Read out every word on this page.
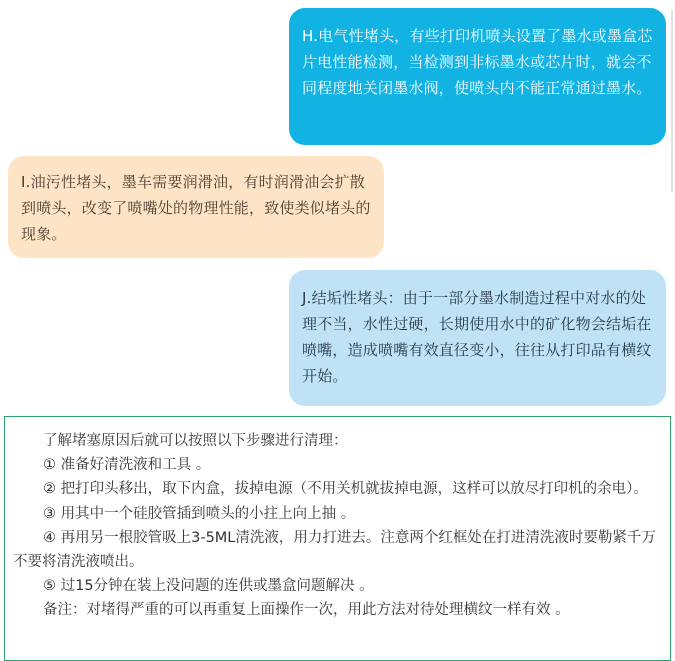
H.电气性堵头，有些打印机喷头设置了墨水或墨盒芯片电性能检测，当检测到非标墨水或芯片时，就会不同程度地关闭墨水阀，使喷头内不能正常通过墨水。
I.油污性堵头，墨车需要润滑油，有时润滑油会扩散到喷头，改变了喷嘴处的物理性能，致使类似堵头的现象。
J.结垢性堵头：由于一部分墨水制造过程中对水的处理不当，水性过硬，长期使用水中的矿化物会结垢在喷嘴，造成喷嘴有效直径变小，往往从打印品有横纹开始。

了解堵塞原因后就可以按照以下步骤进行清理：

① 准备好清洗液和工具 。

② 把打印头移出，取下内盒，拔掉电源（不用关机就拔掉电源，这样可以放尽打印机的余电）。

③ 用其中一个硅胶管插到喷头的小拄上向上抽 。

④ 再用另一根胶管吸上3-5ML清洗液，用力打进去。注意两个红框处在打进清洗液时要勒紧千万不要将清洗液喷出。

⑤ 过15分钟在装上没问题的连供或墨盒问题解决 。

备注：对堵得严重的可以再重复上面操作一次，用此方法对待处理横纹一样有效 。
